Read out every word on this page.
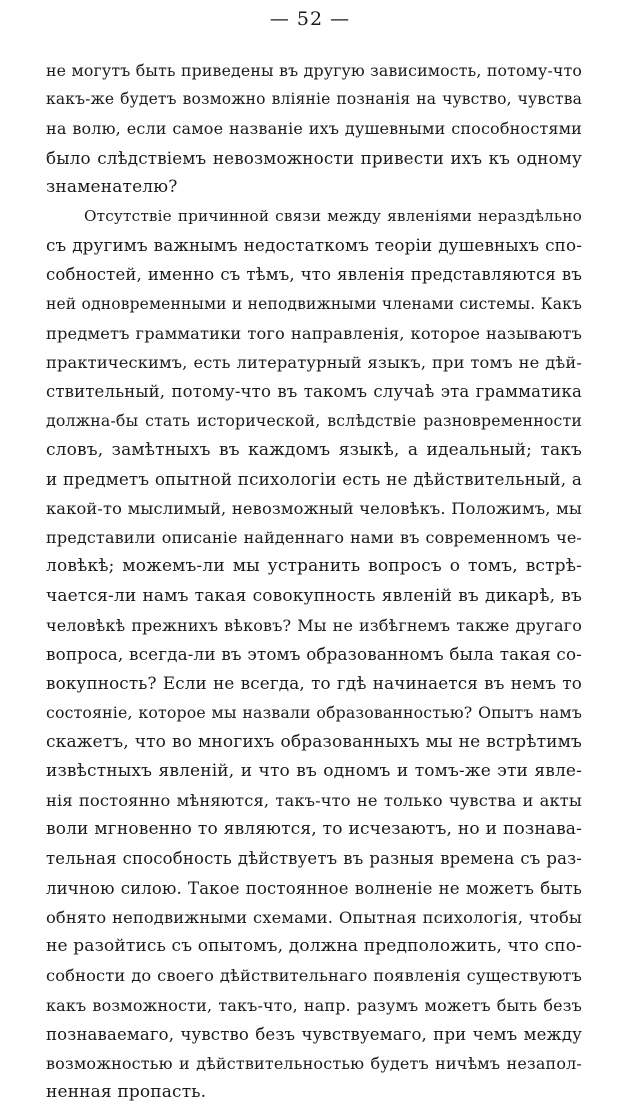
— 52 —
не могутъ быть приведены въ другую зависимость, потому-что
какъ-же будетъ возможно вліяніе познанія на чувство, чувства
на волю, если самое названіе ихъ душевными способностями
было слѣдствіемъ невозможности привести ихъ къ одному
знаменателю?
Отсутствіе причинной связи между явленіями нераздѣльно
съ другимъ важнымъ недостаткомъ теоріи душевныхъ спо-
собностей, именно съ тѣмъ, что явленія представляются въ
ней одновременными и неподвижными членами системы. Какъ
предметъ грамматики того направленія, которое называютъ
практическимъ, есть литературный языкъ, при томъ не дѣй-
ствительный, потому-что въ такомъ случаѣ эта грамматика
должна-бы стать исторической, вслѣдствіе разновременности
словъ, замѣтныхъ въ каждомъ языкѣ, а идеальный; такъ
и предметъ опытной психологіи есть не дѣйствительный, а
какой-то мыслимый, невозможный человѣкъ. Положимъ, мы
представили описаніе найденнаго нами въ современномъ че-
ловѣкѣ; можемъ-ли мы устранить вопросъ о томъ, встрѣ-
чается-ли намъ такая совокупность явленій въ дикарѣ, въ
человѣкѣ прежнихъ вѣковъ? Мы не избѣгнемъ также другаго
вопроса, всегда-ли въ этомъ образованномъ была такая со-
вокупность? Если не всегда, то гдѣ начинается въ немъ то
состояніе, которое мы назвали образованностью? Опытъ намъ
скажетъ, что во многихъ образованныхъ мы не встрѣтимъ
извѣстныхъ явленій, и что въ одномъ и томъ-же эти явле-
нія постоянно мѣняются, такъ-что не только чувства и акты
воли мгновенно то являются, то исчезаютъ, но и познава-
тельная способность дѣйствуетъ въ разныя времена съ раз-
личною силою. Такое постоянное волненіе не можетъ быть
обнято неподвижными схемами. Опытная психологія, чтобы
не разойтись съ опытомъ, должна предположить, что спо-
собности до своего дѣйствительнаго появленія существуютъ
какъ возможности, такъ-что, напр. разумъ можетъ быть безъ
познаваемаго, чувство безъ чувствуемаго, при чемъ между
возможностью и дѣйствительностью будетъ ничѣмъ незапол-
ненная пропасть.
